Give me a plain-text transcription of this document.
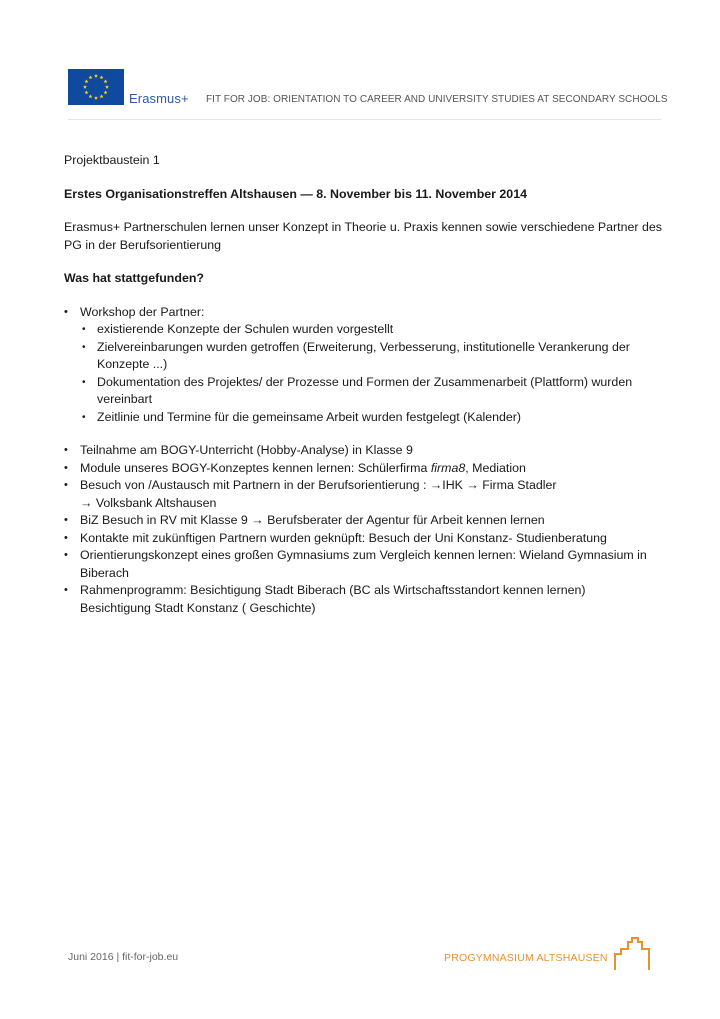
Erasmus+ FIT FOR JOB: ORIENTATION TO CAREER AND UNIVERSITY STUDIES AT SECONDARY SCHOOLS

Projektbaustein 1

Erstes Organisationstreffen Altshausen — 8. November bis 11. November 2014

Erasmus+ Partnerschulen lernen unser Konzept in Theorie u. Praxis kennen sowie verschiedene Partner des PG in der Berufsorientierung

Was hat stattgefunden?

• Workshop der Partner:
• existierende Konzepte der Schulen wurden vorgestellt
• Zielvereinbarungen wurden getroffen (Erweiterung, Verbesserung, institutionelle Verankerung der Konzepte ...)
• Dokumentation des Projektes/ der Prozesse und Formen der Zusammenarbeit (Plattform) wurden vereinbart
• Zeitlinie und Termine für die gemeinsame Arbeit wurden festgelegt (Kalender)
• Teilnahme am BOGY-Unterricht (Hobby-Analyse) in Klasse 9
• Module unseres BOGY-Konzeptes kennen lernen: Schülerfirma firma8, Mediation
• Besuch von /Austausch mit Partnern in der Berufsorientierung : →IHK → Firma Stadler
→ Volksbank Altshausen
• BiZ Besuch in RV mit Klasse 9 → Berufsberater der Agentur für Arbeit kennen lernen
• Kontakte mit zukünftigen Partnern wurden geknüpft: Besuch der Uni Konstanz- Studienberatung
• Orientierungskonzept eines großen Gymnasiums zum Vergleich kennen lernen: Wieland Gymnasium in Biberach
• Rahmenprogramm: Besichtigung Stadt Biberach (BC als Wirtschaftsstandort kennen lernen)
Besichtigung Stadt Konstanz ( Geschichte)
Juni 2016 | fit-for-job.eu	PROGYMNASIUM ALTSHAUSEN
